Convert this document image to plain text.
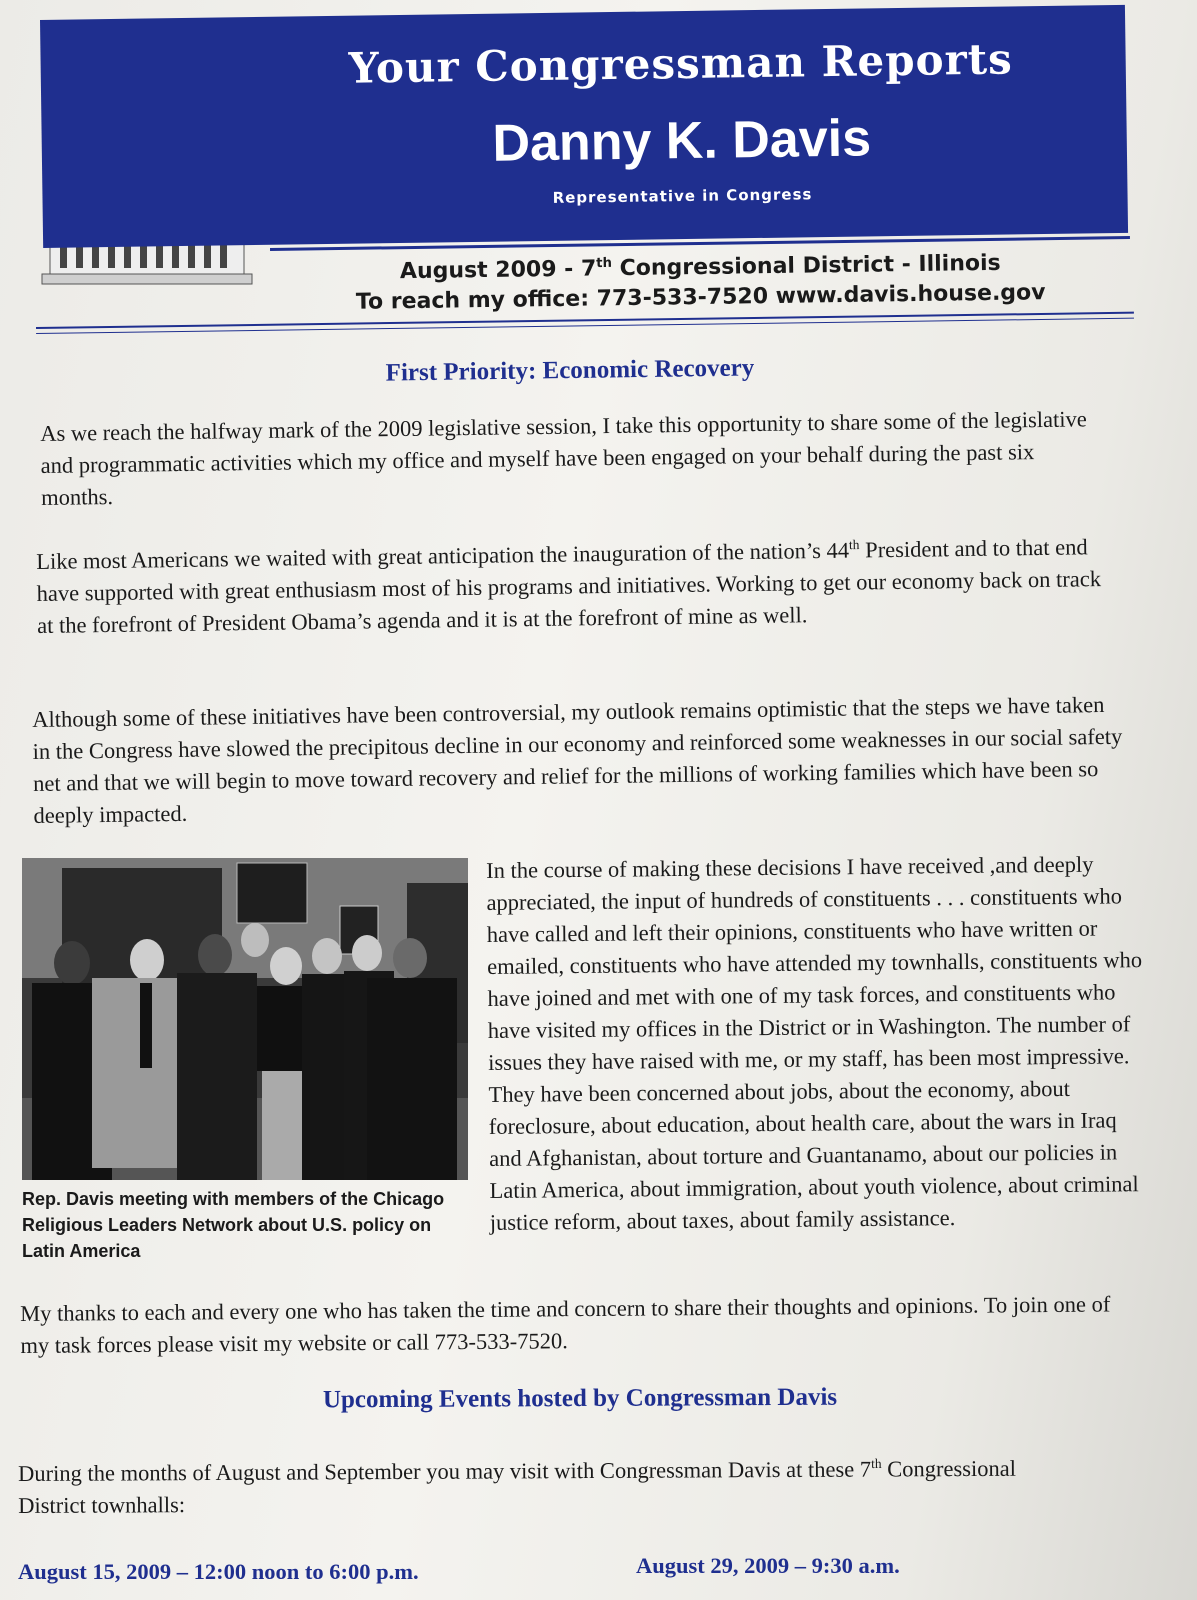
Your Congressman Reports
Danny K. Davis
Representative in Congress
August 2009 - 7th Congressional District - Illinois
To reach my office: 773-533-7520 www.davis.house.gov
First Priority: Economic Recovery
As we reach the halfway mark of the 2009 legislative session, I take this opportunity to share some of the legislative and programmatic activities which my office and myself have been engaged on your behalf during the past six months.
Like most Americans we waited with great anticipation the inauguration of the nation’s 44th President and to that end have supported with great enthusiasm most of his programs and initiatives. Working to get our economy back on track at the forefront of President Obama’s agenda and it is at the forefront of mine as well.
Although some of these initiatives have been controversial, my outlook remains optimistic that the steps we have taken in the Congress have slowed the precipitous decline in our economy and reinforced some weaknesses in our social safety net and that we will begin to move toward recovery and relief for the millions of working families which have been so deeply impacted.
Rep. Davis meeting with members of the Chicago Religious Leaders Network about U.S. policy on Latin America
In the course of making these decisions I have received ,and deeply appreciated, the input of hundreds of constituents . . . constituents who have called and left their opinions, constituents who have written or emailed, constituents who have attended my townhalls, constituents who have joined and met with one of my task forces, and constituents who have visited my offices in the District or in Washington. The number of issues they have raised with me, or my staff, has been most impressive. They have been concerned about jobs, about the economy, about foreclosure, about education, about health care, about the wars in Iraq and Afghanistan, about torture and Guantanamo, about our policies in Latin America, about immigration, about youth violence, about criminal justice reform, about taxes, about family assistance.
My thanks to each and every one who has taken the time and concern to share their thoughts and opinions. To join one of my task forces please visit my website or call 773-533-7520.
Upcoming Events hosted by Congressman Davis
During the months of August and September you may visit with Congressman Davis at these 7th Congressional District townhalls:
August 15, 2009 – 12:00 noon to 6:00 p.m.	August 29, 2009 – 9:30 a.m.
